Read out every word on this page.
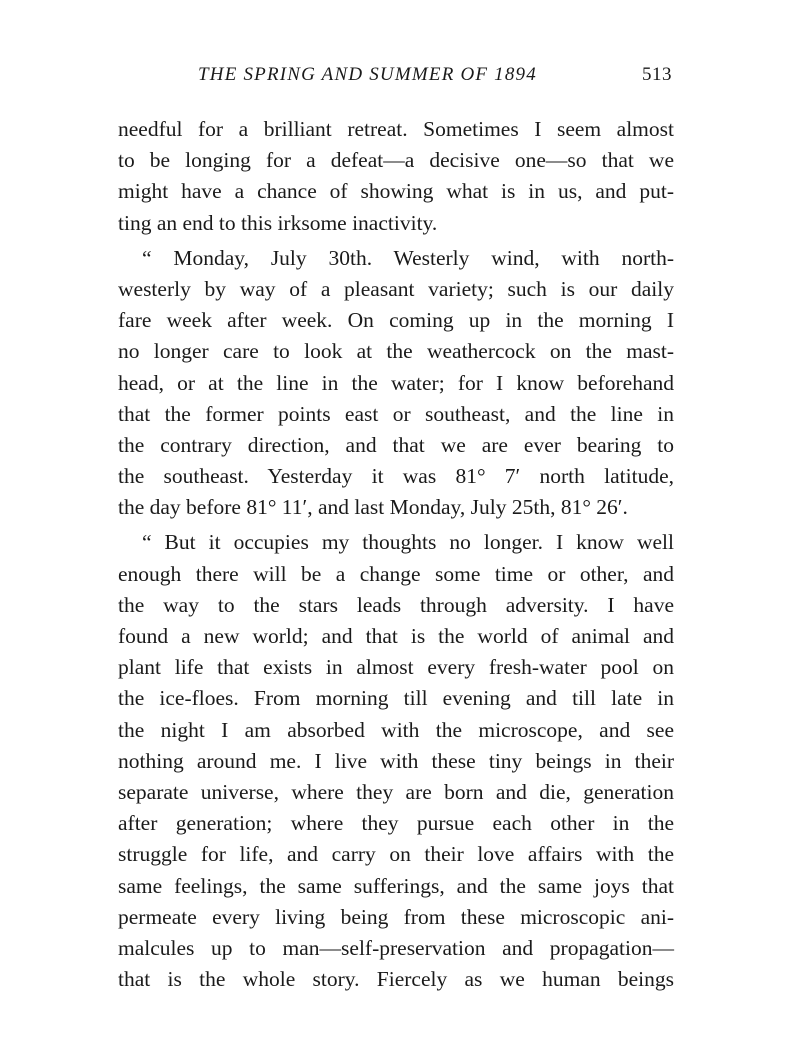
THE SPRING AND SUMMER OF 1894	513
needful for a brilliant retreat. Sometimes I seem almost
to be longing for a defeat—a decisive one—so that we
might have a chance of showing what is in us, and put-
ting an end to this irksome inactivity.
“ Monday, July 30th. Westerly wind, with north-
westerly by way of a pleasant variety; such is our daily
fare week after week. On coming up in the morning I
no longer care to look at the weathercock on the mast-
head, or at the line in the water; for I know beforehand
that the former points east or southeast, and the line in
the contrary direction, and that we are ever bearing to
the southeast. Yesterday it was 81° 7′ north latitude,
the day before 81° 11′, and last Monday, July 25th, 81° 26′.
“ But it occupies my thoughts no longer. I know well
enough there will be a change some time or other, and
the way to the stars leads through adversity. I have
found a new world; and that is the world of animal and
plant life that exists in almost every fresh-water pool on
the ice-floes. From morning till evening and till late in
the night I am absorbed with the microscope, and see
nothing around me. I live with these tiny beings in their
separate universe, where they are born and die, generation
after generation; where they pursue each other in the
struggle for life, and carry on their love affairs with the
same feelings, the same sufferings, and the same joys that
permeate every living being from these microscopic ani-
malcules up to man—self-preservation and propagation—
that is the whole story. Fiercely as we human beings
